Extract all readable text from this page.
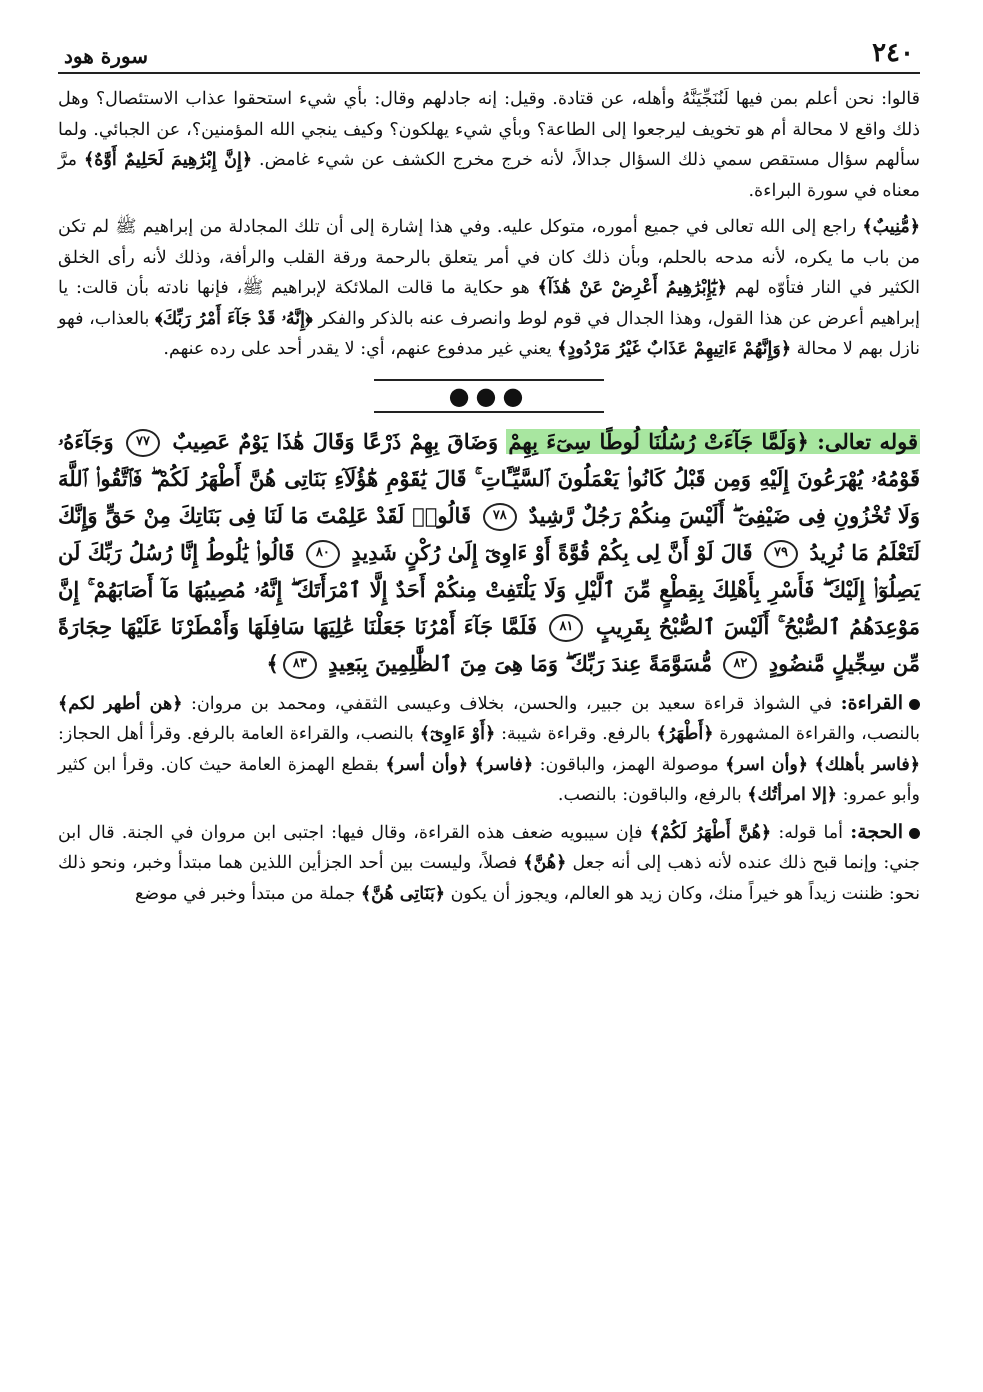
٢٤٠
سورة هود

قالوا: نحن أعلم بمن فيها لَنُنَجِّيَنَّهُ وأهله، عن قتادة. وقيل: إنه جادلهم وقال: بأي شيء استحقوا عذاب الاستئصال؟ وهل ذلك واقع لا محالة أم هو تخويف ليرجعوا إلى الطاعة؟ وبأي شيء يهلكون؟ وكيف ينجي الله المؤمنين؟، عن الجبائي. ولما سألهم سؤال مستقص سمي ذلك السؤال جدالاً، لأنه خرج مخرج الكشف عن شيء غامض. ﴿إِنَّ إِبْرَٰهِيمَ لَحَلِيمٌ أَوَّٰهٌ﴾ مرَّ معناه في سورة البراءة.

﴿مُّنِيبٌ﴾ راجع إلى الله تعالى في جميع أموره، متوكل عليه. وفي هذا إشارة إلى أن تلك المجادلة من إبراهيم ﷺ لم تكن من باب ما يكره، لأنه مدحه بالحلم، وبأن ذلك كان في أمر يتعلق بالرحمة ورقة القلب والرأفة، وذلك لأنه رأى الخلق الكثير في النار فتأوّه لهم ﴿يَٰٓإِبْرَٰهِيمُ أَعْرِضْ عَنْ هَٰذَآ﴾ هو حكاية ما قالت الملائكة لإبراهيم ﷺ، فإنها نادته بأن قالت: يا إبراهيم أعرض عن هذا القول، وهذا الجدال في قوم لوط وانصرف عنه بالذكر والفكر ﴿إِنَّهُۥ قَدْ جَآءَ أَمْرُ رَبِّكَ﴾ بالعذاب، فهو نازل بهم لا محالة ﴿وَإِنَّهُمْ ءَاتِيهِمْ عَذَابٌ غَيْرُ مَرْدُودٍ﴾ يعني غير مدفوع عنهم، أي: لا يقدر أحد على رده عنهم.

●●●

قوله تعالى: ﴿وَلَمَّا جَآءَتْ رُسُلُنَا لُوطًا سِىٓءَ بِهِمْ وَضَاقَ بِهِمْ ذَرْعًا وَقَالَ هَٰذَا يَوْمٌ عَصِيبٌ ٧٧ وَجَآءَهُۥ قَوْمُهُۥ يُهْرَعُونَ إِلَيْهِ وَمِن قَبْلُ كَانُوا۟ يَعْمَلُونَ ٱلسَّيِّـَٔاتِ ۚ قَالَ يَٰقَوْمِ هَٰٓؤُلَآءِ بَنَاتِى هُنَّ أَطْهَرُ لَكُمْ ۖ فَٱتَّقُوا۟ ٱللَّهَ وَلَا تُخْزُونِ فِى ضَيْفِىٓ ۖ أَلَيْسَ مِنكُمْ رَجُلٌ رَّشِيدٌ ٧٨ قَالُوا۟ لَقَدْ عَلِمْتَ مَا لَنَا فِى بَنَاتِكَ مِنْ حَقٍّ وَإِنَّكَ لَتَعْلَمُ مَا نُرِيدُ ٧٩ قَالَ لَوْ أَنَّ لِى بِكُمْ قُوَّةً أَوْ ءَاوِىٓ إِلَىٰ رُكْنٍ شَدِيدٍ ٨٠ قَالُوا۟ يَٰلُوطُ إِنَّا رُسُلُ رَبِّكَ لَن يَصِلُوٓا۟ إِلَيْكَ ۖ فَأَسْرِ بِأَهْلِكَ بِقِطْعٍ مِّنَ ٱلَّيْلِ وَلَا يَلْتَفِتْ مِنكُمْ أَحَدٌ إِلَّا ٱمْرَأَتَكَ ۖ إِنَّهُۥ مُصِيبُهَا مَآ أَصَابَهُمْ ۚ إِنَّ مَوْعِدَهُمُ ٱلصُّبْحُ ۚ أَلَيْسَ ٱلصُّبْحُ بِقَرِيبٍ ٨١ فَلَمَّا جَآءَ أَمْرُنَا جَعَلْنَا عَٰلِيَهَا سَافِلَهَا وَأَمْطَرْنَا عَلَيْهَا حِجَارَةً مِّن سِجِّيلٍ مَّنضُودٍ ٨٢ مُّسَوَّمَةً عِندَ رَبِّكَ ۖ وَمَا هِىَ مِنَ ٱلظَّٰلِمِينَ بِبَعِيدٍ ٨٣﴾

القراءة: في الشواذ قراءة سعيد بن جبير، والحسن، بخلاف وعيسى الثقفي، ومحمد بن مروان: ﴿هن أطهر لكم﴾ بالنصب، والقراءة المشهورة ﴿أَطْهَرُ﴾ بالرفع. وقراءة شيبة: ﴿أَوْ ءَاوِىٓ﴾ بالنصب، والقراءة العامة بالرفع. وقرأ أهل الحجاز: ﴿فاسر بأهلك﴾ ﴿وأن اسر﴾ موصولة الهمز، والباقون: ﴿فاسر﴾ ﴿وأن أسر﴾ بقطع الهمزة العامة حيث كان. وقرأ ابن كثير وأبو عمرو: ﴿إلا امرأتُك﴾ بالرفع، والباقون: بالنصب.

الحجة: أما قوله: ﴿هُنَّ أَطْهَرُ لَكُمْ﴾ فإن سيبويه ضعف هذه القراءة، وقال فيها: اجتبى ابن مروان في الجنة. قال ابن جني: وإنما قبح ذلك عنده لأنه ذهب إلى أنه جعل ﴿هُنَّ﴾ فصلاً، وليست بين أحد الجزأين اللذين هما مبتدأ وخبر، ونحو ذلك نحو: ظننت زيداً هو خيراً منك، وكان زيد هو العالم، ويجوز أن يكون ﴿بَنَاتِى هُنَّ﴾ جملة من مبتدأ وخبر في موضع
